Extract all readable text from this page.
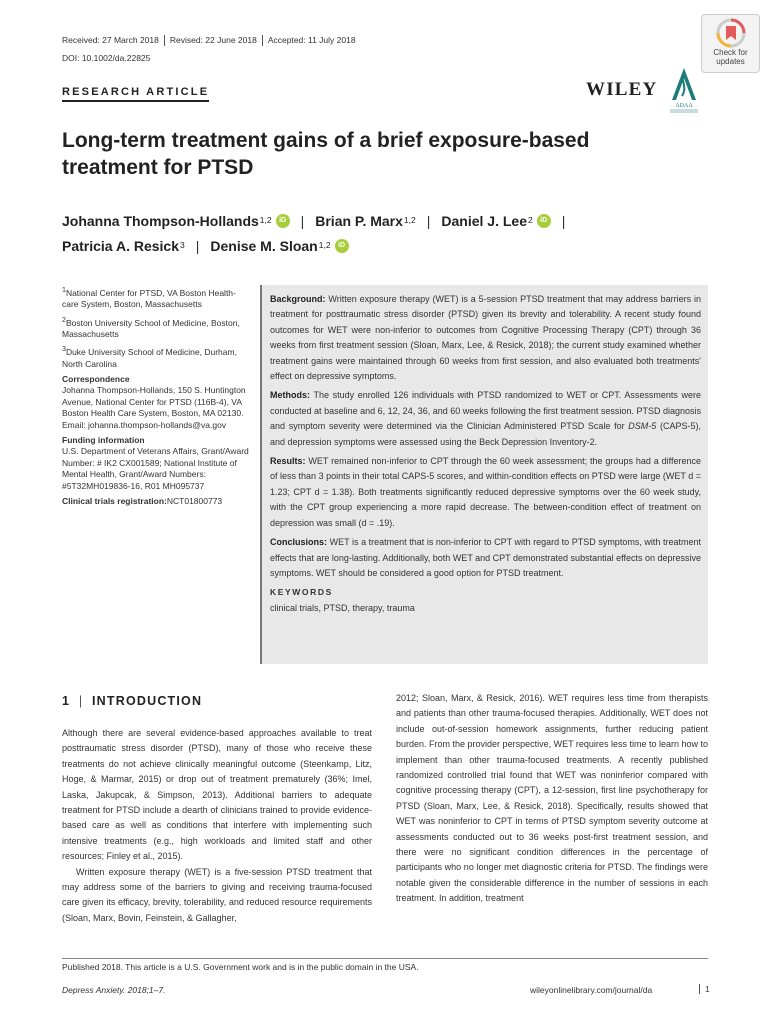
Received: 27 March 2018	Revised: 22 June 2018	Accepted: 11 July 2018
DOI: 10.1002/da.22825
RESEARCH ARTICLE
Check for updates
WILEY
ADAA
Long-term treatment gains of a brief exposure-based treatment for PTSD
Johanna Thompson-Hollands$^{1,2}$	iD | Brian P. Marx$^{1,2}$ | Daniel J. Lee$^2$	iD |
Patricia A. Resick$^3$ | Denise M. Sloan$^{1,2}$	iD

$^1$National Center for PTSD, VA Boston Health-care System, Boston, Massachusetts

$^2$Boston University School of Medicine, Boston, Massachusetts

$^3$Duke University School of Medicine, Durham, North Carolina

Correspondence

Johanna Thompson-Hollands, 150 S. Huntington Avenue, National Center for PTSD (116B-4), VA Boston Health Care System, Boston, MA 02130. Email: johanna.thompson-hollands@va.gov

Funding information

U.S. Department of Veterans Affairs, Grant/Award Number: # IK2 CX001589; National Institute of Mental Health, Grant/Award Numbers: #5T32MH019836-16, R01 MH095737

Clinical trials registration:NCT01800773

Background: Written exposure therapy (WET) is a 5-session PTSD treatment that may address barriers in treatment for posttraumatic stress disorder (PTSD) given its brevity and tolerability. A recent study found outcomes for WET were non-inferior to outcomes from Cognitive Processing Therapy (CPT) through 36 weeks from first treatment session (Sloan, Marx, Lee, & Resick, 2018); the current study examined whether treatment gains were maintained through 60 weeks from first session, and also evaluated both treatments' effect on depressive symptoms.

Methods: The study enrolled 126 individuals with PTSD randomized to WET or CPT. Assessments were conducted at baseline and 6, 12, 24, 36, and 60 weeks following the first treatment session. PTSD diagnosis and symptom severity were determined via the Clinician Administered PTSD Scale for DSM-5 (CAPS-5), and depression symptoms were assessed using the Beck Depression Inventory-2.

Results: WET remained non-inferior to CPT through the 60 week assessment; the groups had a difference of less than 3 points in their total CAPS-5 scores, and within-condition effects on PTSD were large (WET d = 1.23; CPT d = 1.38). Both treatments significantly reduced depressive symptoms over the 60 week study, with the CPT group experiencing a more rapid decrease. The between-condition effect of treatment on depression was small (d = .19).

Conclusions: WET is a treatment that is non-inferior to CPT with regard to PTSD symptoms, with treatment effects that are long-lasting. Additionally, both WET and CPT demonstrated substantial effects on depressive symptoms. WET should be considered a good option for PTSD treatment.

KEYWORDS
clinical trials, PTSD, therapy, trauma
1 | INTRODUCTION

Although there are several evidence-based approaches available to treat posttraumatic stress disorder (PTSD), many of those who receive these treatments do not achieve clinically meaningful outcome (Steenkamp, Litz, Hoge, & Marmar, 2015) or drop out of treatment prematurely (36%; Imel, Laska, Jakupcak, & Simpson, 2013). Additional barriers to adequate treatment for PTSD include a dearth of clinicians trained to provide evidence-based care as well as conditions that interfere with implementing such intensive treatments (e.g., high workloads and limited staff and other resources; Finley et al., 2015).

Written exposure therapy (WET) is a five-session PTSD treatment that may address some of the barriers to giving and receiving trauma-focused care given its efficacy, brevity, tolerability, and reduced resource requirements (Sloan, Marx, Bovin, Feinstein, & Gallagher,

2012; Sloan, Marx, & Resick, 2016). WET requires less time from therapists and patients than other trauma-focused therapies. Additionally, WET does not include out-of-session homework assignments, further reducing patient burden. From the provider perspective, WET requires less time to learn how to implement than other trauma-focused treatments. A recently published randomized controlled trial found that WET was noninferior compared with cognitive processing therapy (CPT), a 12-session, first line psychotherapy for PTSD (Sloan, Marx, Lee, & Resick, 2018). Specifically, results showed that WET was noninferior to CPT in terms of PTSD symptom severity outcome at assessments conducted out to 36 weeks post-first treatment session, and there were no significant condition differences in the percentage of participants who no longer met diagnostic criteria for PTSD. The findings were notable given the considerable difference in the number of sessions in each treatment. In addition, treatment

Published 2018. This article is a U.S. Government work and is in the public domain in the USA.
Depress Anxiety. 2018;1–7.	wileyonlinelibrary.com/journal/da	1
